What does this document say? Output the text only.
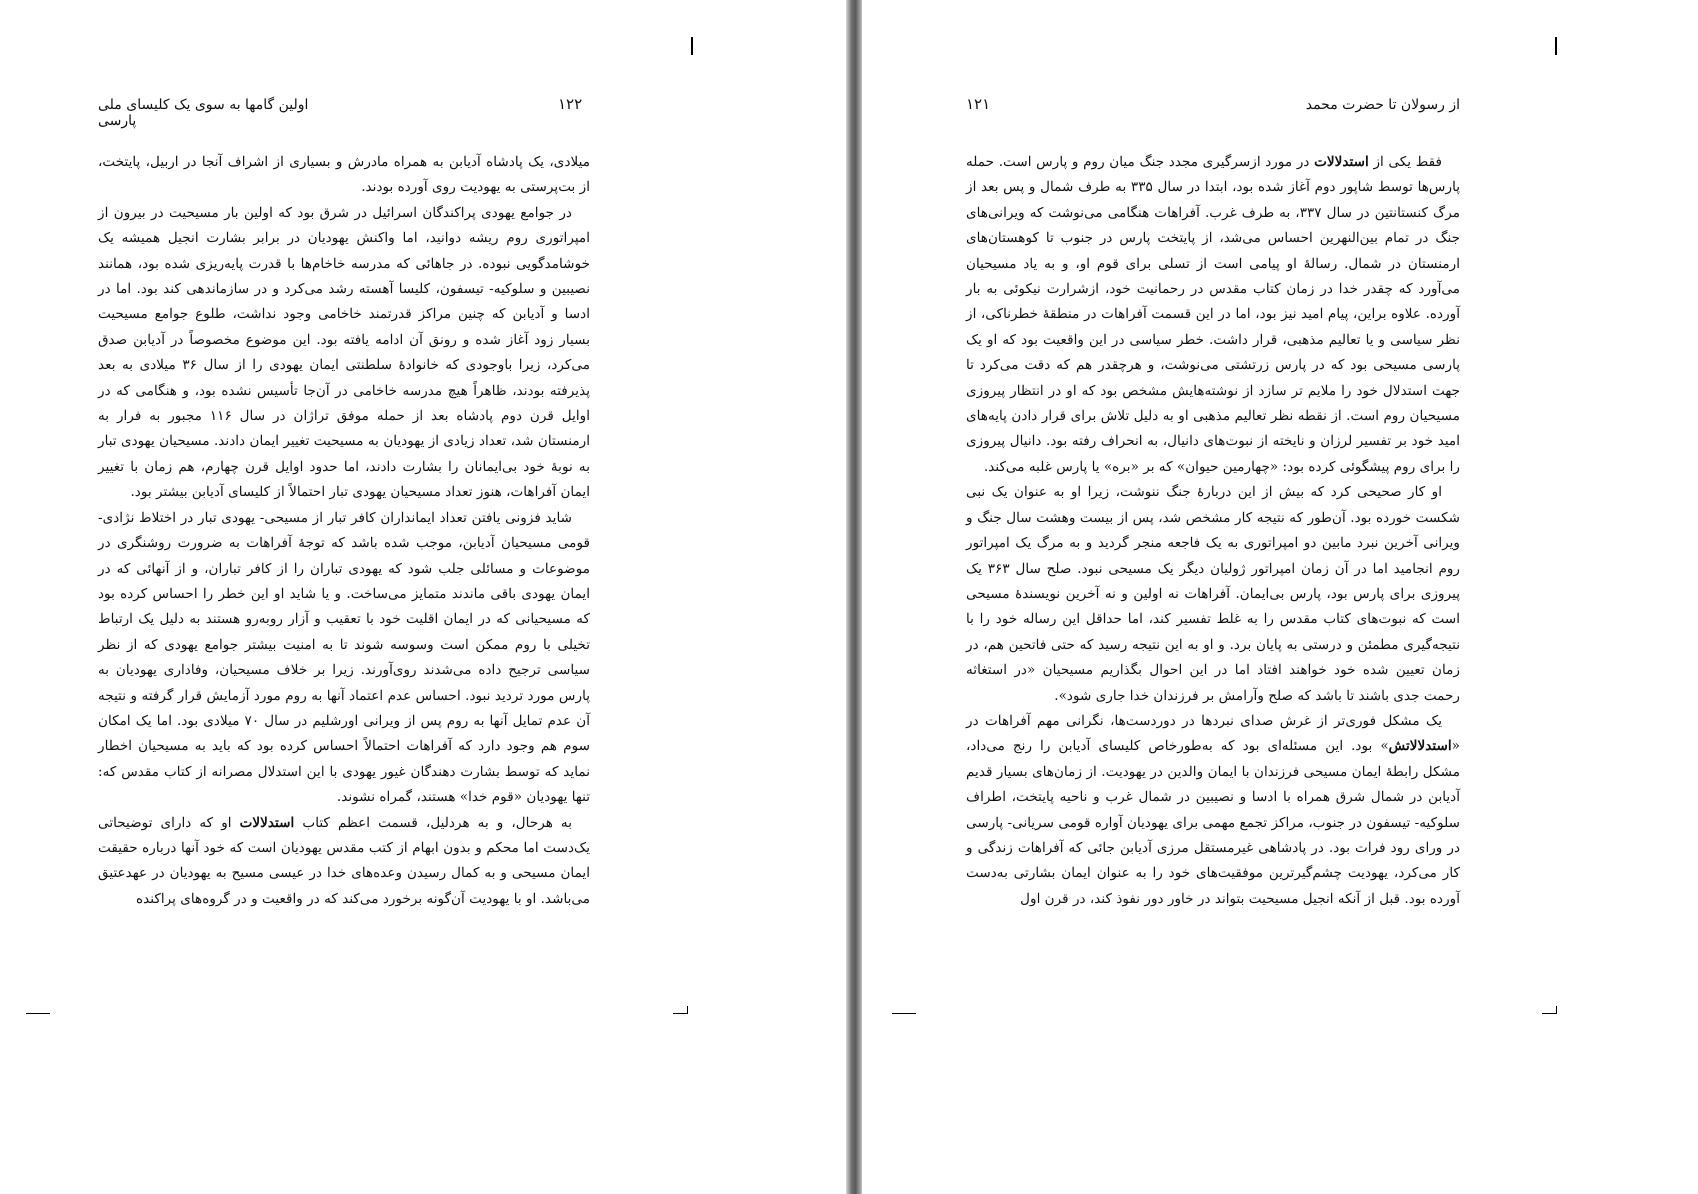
اولین گامها به سوی یک کلیسای ملی پارسی
۱۲۲

میلادی، یک پادشاه آدیابن به همراه مادرش و بسیاری از اشراف آنجا در اربیل، پایتخت، از بت‌پرستی به یهودیت روی آورده بودند.

در جوامع یهودی پراکندگان اسرائیل در شرق بود که اولین بار مسیحیت در بیرون از امپراتوری روم ریشه دوانید، اما واکنش یهودیان در برابر بشارت انجیل همیشه یک خوشامدگویی نبوده. در جاهائی که مدرسه خاخام‌ها با قدرت پایه‌ریزی شده بود، همانند نصیبین و سلوکیه- تیسفون، کلیسا آهسته رشد می‌کرد و در سازماندهی کند بود. اما در ادسا و آدیابن که چنین مراکز قدرتمند خاخامی وجود نداشت، طلوع جوامع مسیحیت بسیار زود آغاز شده و رونق آن ادامه یافته بود. این موضوع مخصوصاً در آدیابن صدق می‌کرد، زیرا باوجودی که خانوادهٔ سلطنتی ایمان یهودی را از سال ۳۶ میلادی به بعد پذیرفته بودند، ظاهراً هیچ مدرسه خاخامی در آن‌جا تأسیس نشده بود، و هنگامی که در اوایل قرن دوم پادشاه بعد از حمله موفق تراژان در سال ۱۱۶ مجبور به فرار به ارمنستان شد، تعداد زیادی از یهودیان به مسیحیت تغییر ایمان دادند. مسیحیان یهودی تبار به نوبهٔ خود بی‌ایمانان را بشارت دادند، اما حدود اوایل قرن چهارم، هم زمان با تغییر ایمان آفراهات، هنوز تعداد مسیحیان یهودی تبار احتمالاً از کلیسای آدیابن بیشتر بود.

شاید فزونی یافتن تعداد ایمانداران کافر تبار از مسیحی- یهودی تبار در اختلاط نژادی- قومی مسیحیان آدیابن، موجب شده باشد که توجهٔ آفراهات به ضرورت روشنگری در موضوعات و مسائلی جلب شود که یهودی تباران را از کافر تباران، و از آنهائی که در ایمان یهودی باقی ماندند متمایز می‌ساخت. و یا شاید او این خطر را احساس کرده بود که مسیحیانی که در ایمان اقلیت خود با تعقیب و آزار روبه‌رو هستند به دلیل یک ارتباط تخیلی با روم ممکن است وسوسه شوند تا به امنیت بیشتر جوامع یهودی که از نظر سیاسی ترجیح داده می‌شدند روی‌آورند. زیرا بر خلاف مسیحیان، وفاداری یهودیان به پارس مورد تردید نبود. احساس عدم اعتماد آنها به روم مورد آزمایش قرار گرفته و نتیجه آن عدم تمایل آنها به روم پس از ویرانی اورشلیم در سال ۷۰ میلادی بود. اما یک امکان سوم هم وجود دارد که آفراهات احتمالاً احساس کرده بود که باید به مسیحیان اخطار نماید که توسط بشارت دهندگان غیور یهودی با این استدلال مصرانه از کتاب مقدس که: تنها یهودیان «قوم خدا» هستند، گمراه نشوند.

به هرحال، و به هردلیل، قسمت اعظم کتاب استدلالات او که دارای توضیحاتی یک‌دست اما محکم و بدون ابهام از کتب مقدس یهودیان است که خود آنها درباره حقیقت ایمان مسیحی و به کمال رسیدن وعده‌های خدا در عیسی مسیح به یهودیان در عهدعتیق می‌باشد. او با یهودیت آن‌گونه برخورد می‌کند که در واقعیت و در گروه‌های پراکنده

۱۲۱	از رسولان تا حضرت محمد

فقط یکی از استدلالات در مورد ازسرگیری مجدد جنگ میان روم و پارس است. حمله پارس‌ها توسط شاپور دوم آغاز شده بود، ابتدا در سال ۳۳۵ به طرف شمال و پس بعد از مرگ کنستانتین در سال ۳۳۷، به طرف غرب. آفراهات هنگامی می‌نوشت که ویرانی‌های جنگ در تمام بین‌النهرین احساس می‌شد، از پایتخت پارس در جنوب تا کوهستان‌های ارمنستان در شمال. رسالهٔ او پیامی است از تسلی برای قوم او، و به یاد مسیحیان می‌آورد که چقدر خدا در زمان کتاب مقدس در رحمانیت خود، ازشرارت نیکوئی به بار آورده. علاوه براین، پیام امید نیز بود، اما در این قسمت آفراهات در منطقهٔ خطرناکی، از نظر سیاسی و یا تعالیم مذهبی، قرار داشت. خطر سیاسی در این واقعیت بود که او یک پارسی مسیحی بود که در پارس زرتشتی می‌نوشت، و هرچقدر هم که دقت می‌کرد تا جهت استدلال خود را ملایم تر سازد از نوشته‌هایش مشخص بود که او در انتظار پیروزی مسیحیان روم است. از نقطه نظر تعالیم مذهبی او به دلیل تلاش برای قرار دادن پایه‌های امید خود بر تفسیر لرزان و نایخته از نبوت‌های دانیال، به انحراف رفته بود. دانیال پیروزی را برای روم پیشگوئی کرده بود: «چهارمین حیوان» که بر «بره» یا پارس غلبه می‌کند.

او کار صحیحی کرد که بیش از این دربارهٔ جنگ ننوشت، زیرا او به عنوان یک نبی شکست خورده بود. آن‌طور که نتیجه کار مشخص شد، پس از بیست وهشت سال جنگ و ویرانی آخرین نبرد مابین دو امپراتوری به یک فاجعه منجر گردید و به مرگ یک امپراتور روم انجامید اما در آن زمان امپراتور ژولیان دیگر یک مسیحی نبود. صلح سال ۳۶۳ یک پیروزی برای پارس بود، پارس بی‌ایمان. آفراهات نه اولین و نه آخرین نویسندهٔ مسیحی است که نبوت‌های کتاب مقدس را به غلط تفسیر کند، اما حداقل این رساله خود را با نتیجه‌گیری مطمئن و درستی به پایان برد. و او به این نتیجه رسید که حتی فاتحین هم، در زمان تعیین شده خود خواهند افتاد اما در این احوال بگذاریم مسیحیان «در استغاثه رحمت جدی باشند تا باشد که صلح وآرامش بر فرزندان خدا جاری شود».

یک مشکل فوری‌تر از غرش صدای نبردها در دوردست‌ها، نگرانی مهم آفراهات در «استدلالاتش» بود. این مسئله‌ای بود که به‌طورخاص کلیسای آدیابن را رنج می‌داد، مشکل رابطهٔ ایمان مسیحی فرزندان با ایمان والدین در یهودیت. از زمان‌های بسیار قدیم آدیابن در شمال شرق همراه با ادسا و نصیبین در شمال غرب و ناحیه پایتخت، اطراف سلوکیه- تیسفون در جنوب، مراکز تجمع مهمی برای یهودیان آواره قومی سریانی- پارسی در ورای رود فرات بود. در پادشاهی غیرمستقل مرزی آدیابن جائی که آفراهات زندگی و کار می‌کرد، یهودیت چشم‌گیرترین موفقیت‌های خود را به عنوان ایمان بشارتی به‌دست آورده بود. قبل از آنکه انجیل مسیحیت بتواند در خاور دور نفوذ کند، در قرن اول
